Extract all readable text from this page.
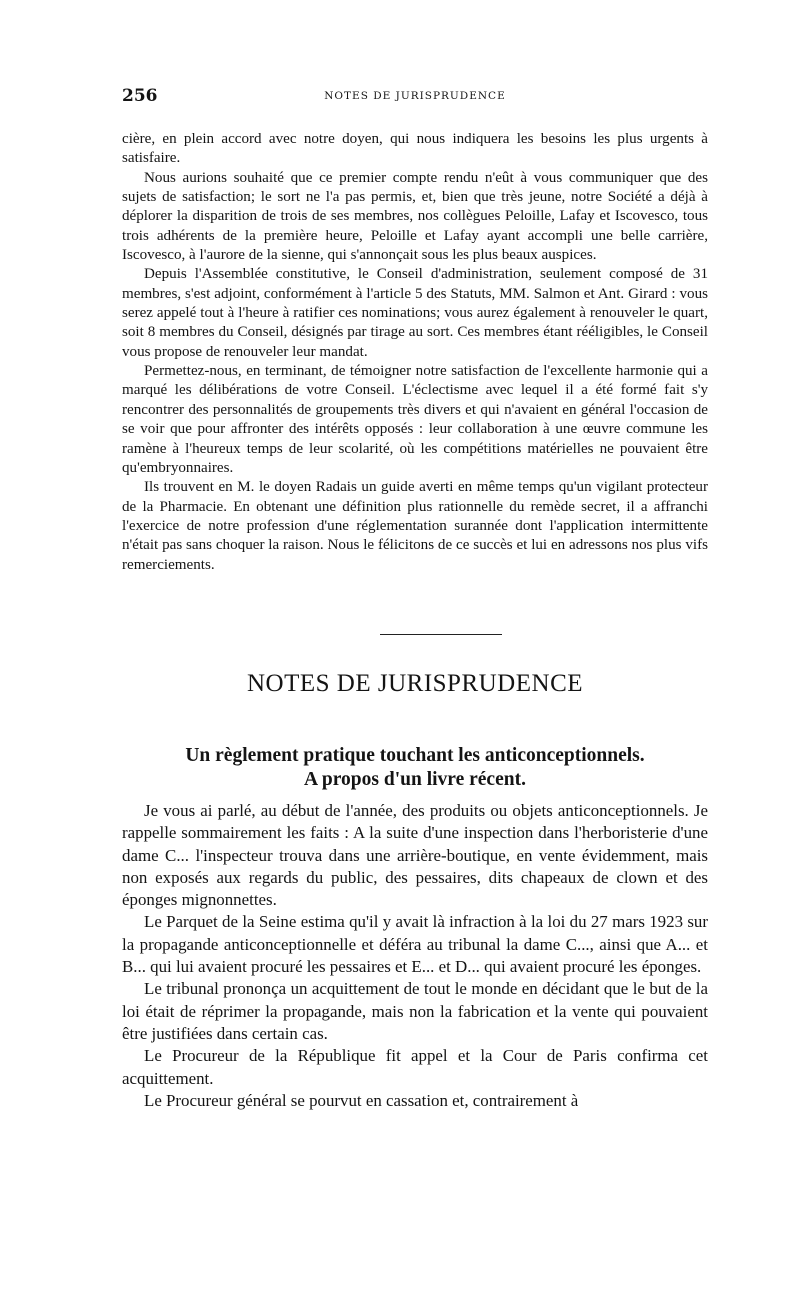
256	NOTES DE JURISPRUDENCE

cière, en plein accord avec notre doyen, qui nous indiquera les besoins les plus urgents à satisfaire.

Nous aurions souhaité que ce premier compte rendu n'eût à vous communiquer que des sujets de satisfaction; le sort ne l'a pas permis, et, bien que très jeune, notre Société a déjà à déplorer la disparition de trois de ses membres, nos collègues Peloille, Lafay et Iscovesco, tous trois adhérents de la première heure, Peloille et Lafay ayant accompli une belle carrière, Iscovesco, à l'aurore de la sienne, qui s'annonçait sous les plus beaux auspices.

Depuis l'Assemblée constitutive, le Conseil d'administration, seulement composé de 31 membres, s'est adjoint, conformément à l'article 5 des Statuts, MM. Salmon et Ant. Girard : vous serez appelé tout à l'heure à ratifier ces nominations; vous aurez également à renouveler le quart, soit 8 membres du Conseil, désignés par tirage au sort. Ces membres étant rééligibles, le Conseil vous propose de renouveler leur mandat.

Permettez-nous, en terminant, de témoigner notre satisfaction de l'excellente harmonie qui a marqué les délibérations de votre Conseil. L'éclectisme avec lequel il a été formé fait s'y rencontrer des personnalités de groupements très divers et qui n'avaient en général l'occasion de se voir que pour affronter des intérêts opposés : leur collaboration à une œuvre commune les ramène à l'heureux temps de leur scolarité, où les compétitions matérielles ne pouvaient être qu'embryonnaires.

Ils trouvent en M. le doyen Radais un guide averti en même temps qu'un vigilant protecteur de la Pharmacie. En obtenant une définition plus rationnelle du remède secret, il a affranchi l'exercice de notre profession d'une réglementation surannée dont l'application intermittente n'était pas sans choquer la raison. Nous le félicitons de ce succès et lui en adressons nos plus vifs remerciements.

NOTES DE JURISPRUDENCE
Un règlement pratique touchant les anticonceptionnels.
A propos d'un livre récent.

Je vous ai parlé, au début de l'année, des produits ou objets anticonceptionnels. Je rappelle sommairement les faits : A la suite d'une inspection dans l'herboristerie d'une dame C... l'inspecteur trouva dans une arrière-boutique, en vente évidemment, mais non exposés aux regards du public, des pessaires, dits chapeaux de clown et des éponges mignonnettes.

Le Parquet de la Seine estima qu'il y avait là infraction à la loi du 27 mars 1923 sur la propagande anticonceptionnelle et déféra au tribunal la dame C..., ainsi que A... et B... qui lui avaient procuré les pessaires et E... et D... qui avaient procuré les éponges.

Le tribunal prononça un acquittement de tout le monde en décidant que le but de la loi était de réprimer la propagande, mais non la fabrication et la vente qui pouvaient être justifiées dans certain cas.

Le Procureur de la République fit appel et la Cour de Paris confirma cet acquittement.

Le Procureur général se pourvut en cassation et, contrairement à
